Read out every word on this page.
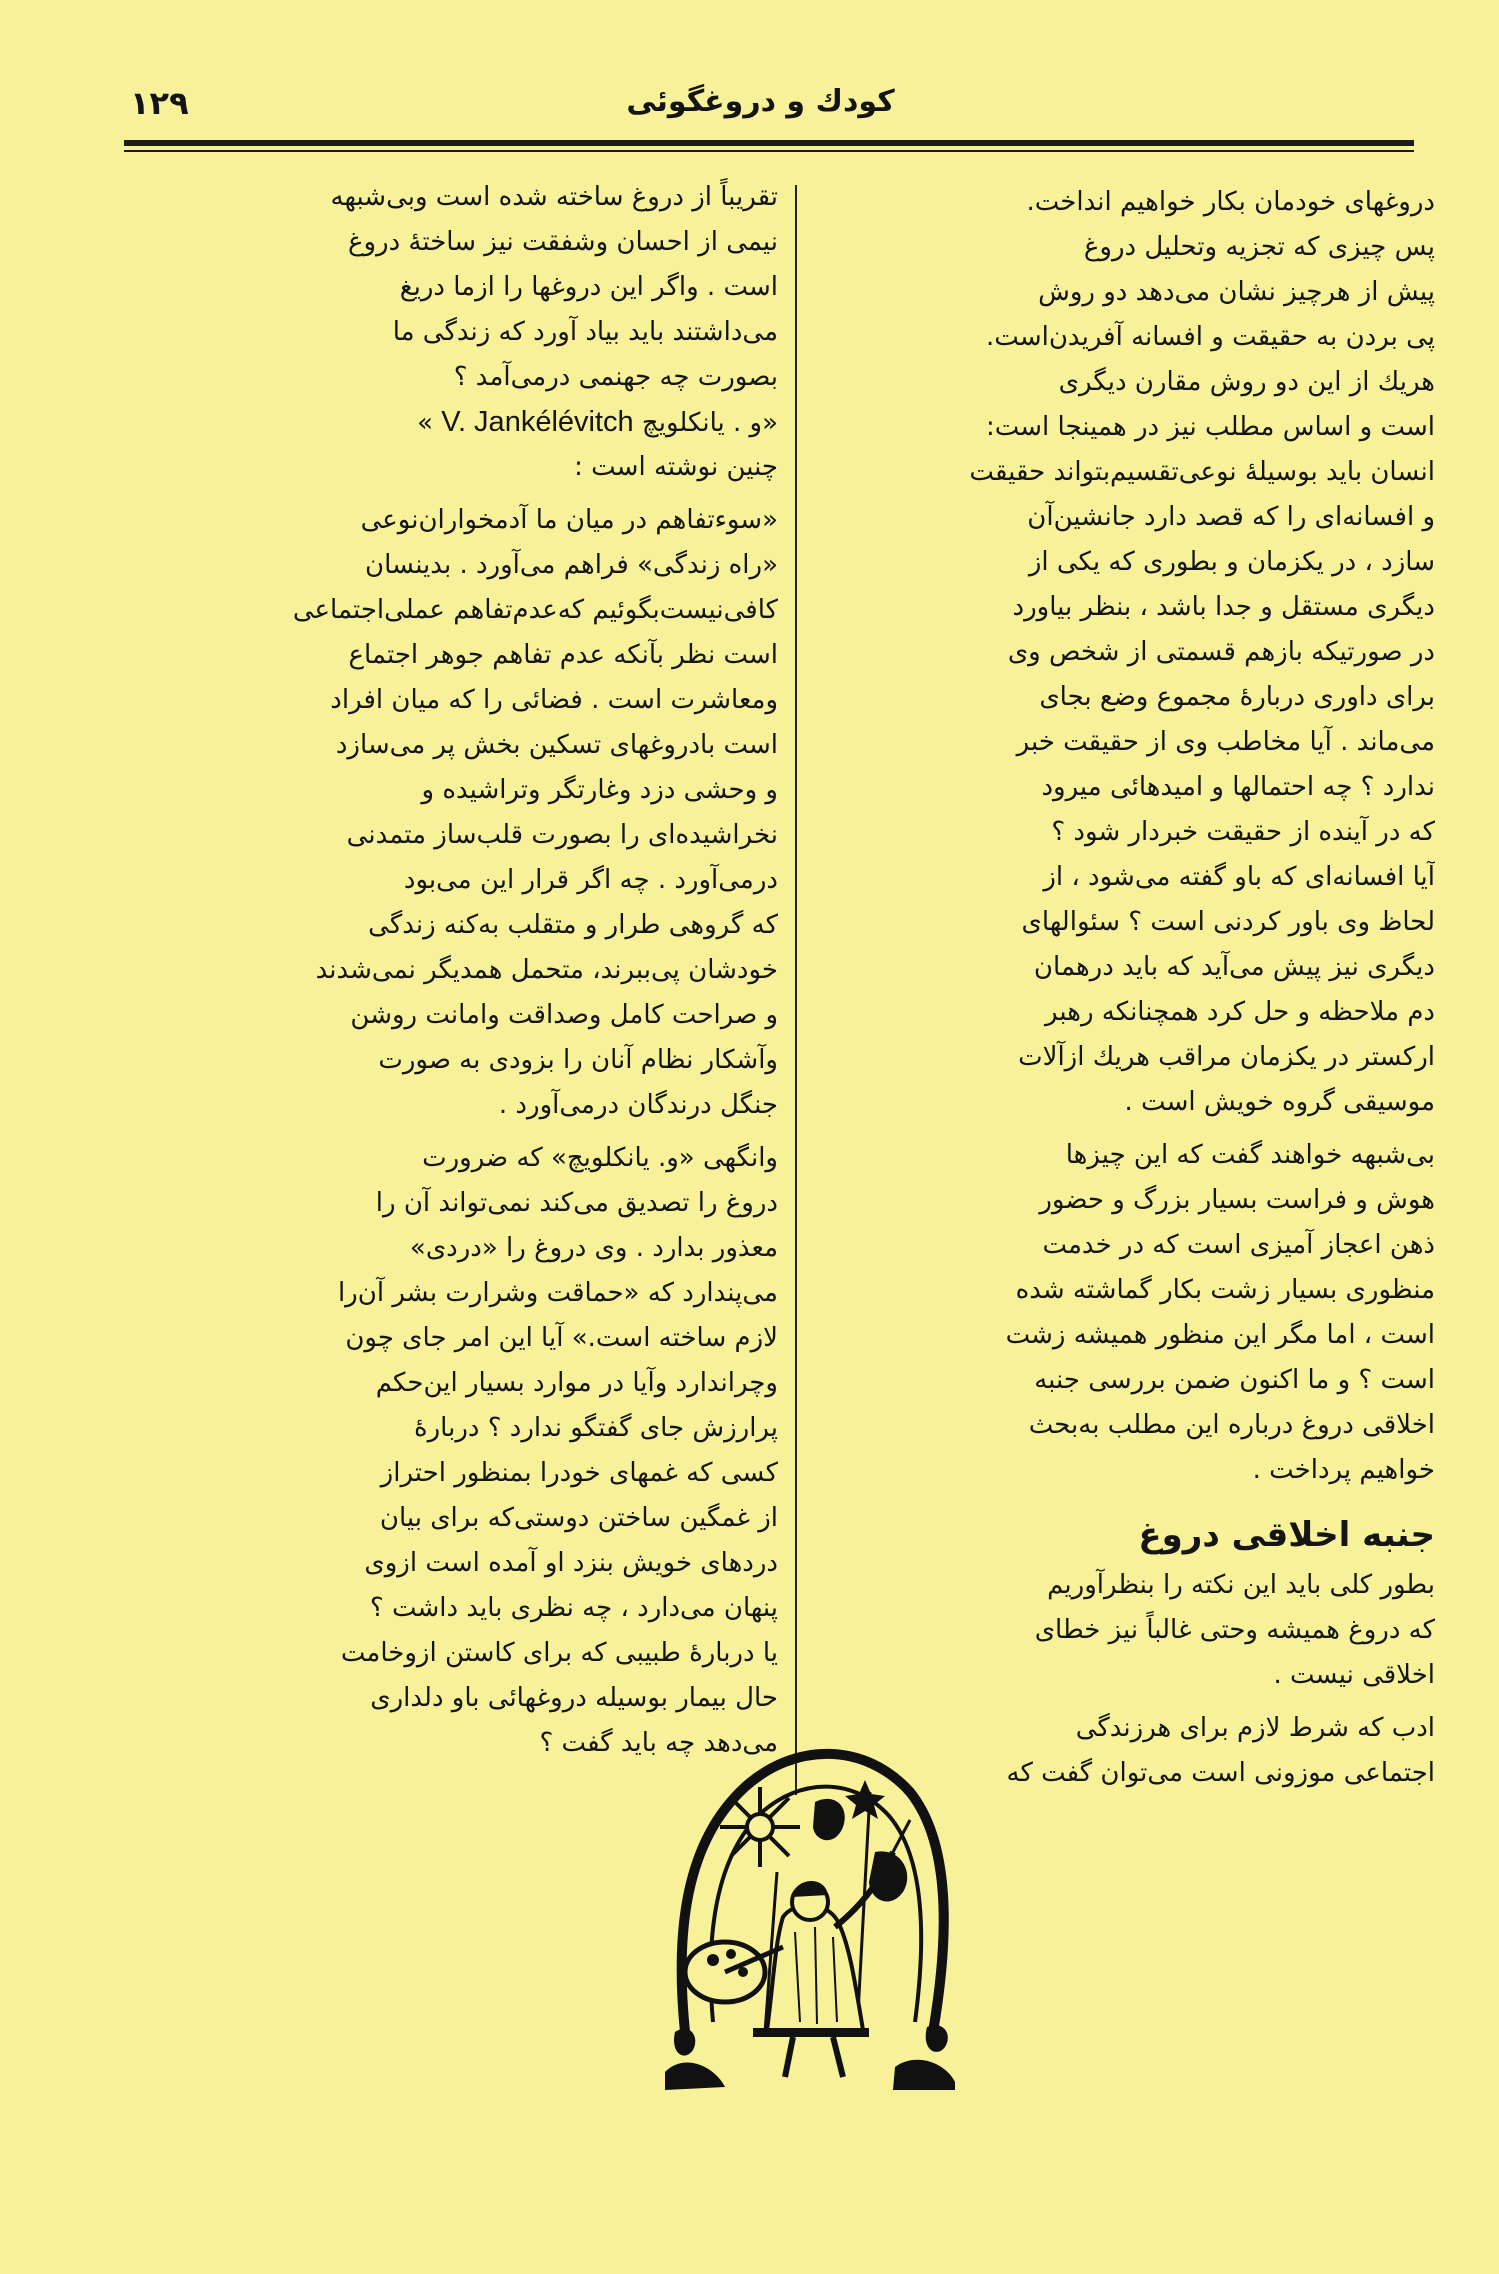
کودك و دروغگوئی
۱۲۹
دروغهای خودمان بکار خواهیم انداخت.
پس چیزی که تجزیه وتحلیل دروغ
پیش از هرچیز نشان می‌دهد دو روش
پی بردن به حقیقت و افسانه آفریدن‌است.
هریك از این دو روش مقارن دیگری
است و اساس مطلب نیز در همینجا است:
انسان باید بوسیلهٔ نوعی‌تقسیم‌بتواند حقیقت
و افسانه‌ای را که قصد دارد جانشین‌آن
سازد ، در یکزمان و بطوری که یکی از
دیگری مستقل و جدا باشد ، بنظر بیاورد
در صورتیکه بازهم قسمتی از شخص وی
برای داوری دربارهٔ مجموع وضع بجای
می‌ماند . آیا مخاطب وی از حقیقت خبر
ندارد ؟ چه احتمالها و امیدهائی میرود
که در آینده از حقیقت خبردار شود ؟
آیا افسانه‌ای که باو گفته می‌شود ، از
لحاظ وی باور کردنی است ؟ سئوالهای
دیگری نیز پیش می‌آید که باید درهمان
دم ملاحظه و حل کرد همچنانکه رهبر
ارکستر در یکزمان مراقب هریك ازآلات
موسیقی گروه خویش است .
بی‌شبهه خواهند گفت که این چیزها
هوش و فراست بسیار بزرگ و حضور
ذهن اعجاز آمیزی است که در خدمت
منظوری بسیار زشت بکار گماشته شده
است ، اما مگر این منظور همیشه زشت
است ؟ و ما اکنون ضمن بررسی جنبه
اخلاقی دروغ درباره این مطلب به‌بحث
خواهیم پرداخت .
جنبه اخلاقی دروغ
بطور کلی باید این نکته را بنظرآوریم
که دروغ همیشه وحتی غالباً نیز خطای
اخلاقی نیست .
ادب که شرط لازم برای هرزندگی
اجتماعی موزونی است می‌توان گفت که
تقریباً از دروغ ساخته شده است وبی‌شبهه
نیمی از احسان وشفقت نیز ساختهٔ دروغ
است . واگر این دروغها را ازما دریغ
می‌داشتند باید بیاد آورد که زندگی ما
بصورت چه جهنمی درمی‌آمد ؟
«و . یانکلویچ V. Jankélévitch »
چنین نوشته است :
«سوءتفاهم در میان ما آدمخواران‌نوعی
«راه زندگی» فراهم می‌آورد . بدینسان
کافی‌نیست‌بگوئیم که‌عدم‌تفاهم عملی‌اجتماعی
است نظر بآنکه عدم تفاهم جوهر اجتماع
ومعاشرت است . فضائی را که میان افراد
است بادروغهای تسکین بخش پر می‌سازد
و وحشی دزد وغارتگر وتراشیده و
نخراشیده‌ای را بصورت قلب‌ساز متمدنی
درمی‌آورد . چه اگر قرار این می‌بود
که گروهی طرار و متقلب به‌کنه زندگی
خودشان پی‌ببرند، متحمل همدیگر نمی‌شدند
و صراحت کامل وصداقت وامانت روشن
وآشکار نظام آنان را بزودی به صورت
جنگل درندگان درمی‌آورد .
وانگهی «و. یانکلویچ» که ضرورت
دروغ را تصدیق می‌کند نمی‌تواند آن را
معذور بدارد . وی دروغ را «دردی»
می‌پندارد که «حماقت وشرارت بشر آن‌را
لازم ساخته است.» آیا این امر جای چون
وچراندارد وآیا در موارد بسیار این‌حکم
پرارزش جای گفتگو ندارد ؟ دربارهٔ
کسی که غمهای خودرا بمنظور احتراز
از غمگین ساختن دوستی‌که برای بیان
دردهای خویش بنزد او آمده است ازوی
پنهان می‌دارد ، چه نظری باید داشت ؟
یا دربارهٔ طبیبی که برای کاستن ازوخامت
حال بیمار بوسیله دروغهائی باو دلداری
می‌دهد چه باید گفت ؟
